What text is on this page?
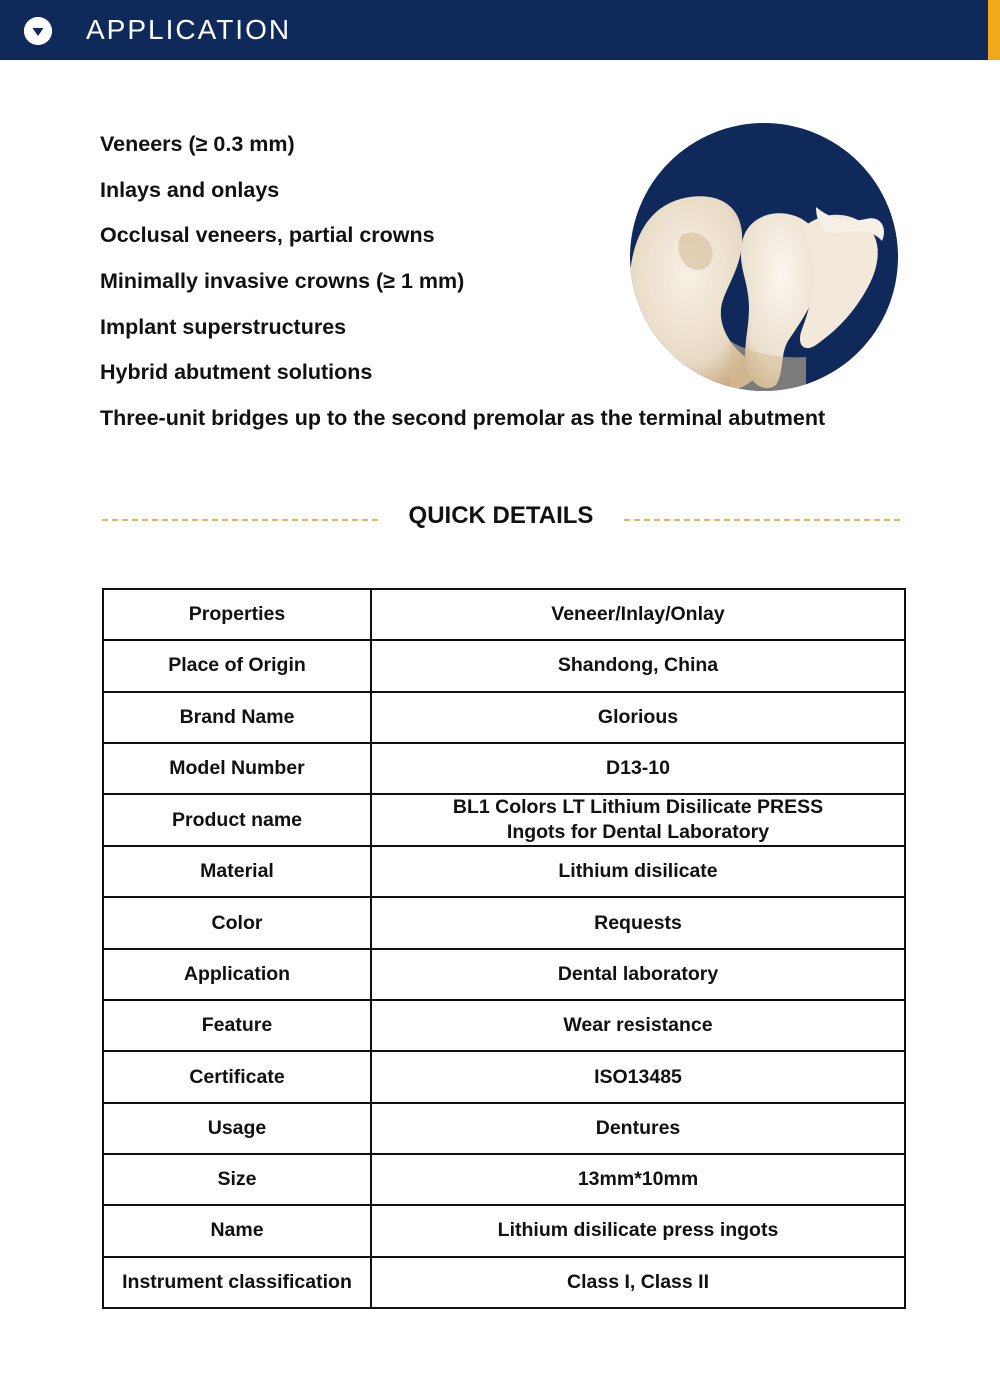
APPLICATION
Veneers (≥ 0.3 mm)
Inlays and onlays
Occlusal veneers, partial crowns
Minimally invasive crowns (≥ 1 mm)
Implant superstructures
Hybrid abutment solutions
Three-unit bridges up to the second premolar as the terminal abutment
QUICK DETAILS
Properties	Veneer/Inlay/Onlay

Place of Origin	Shandong, China

Brand Name	Glorious

Model Number	D13-10

Product name	BL1 Colors LT Lithium Disilicate PRESS
Ingots for Dental Laboratory

Material	Lithium disilicate

Color	Requests

Application	Dental laboratory

Feature	Wear resistance

Certificate	ISO13485

Usage	Dentures

Size	13mm*10mm

Name	Lithium disilicate press ingots

Instrument classification	Class I, Class II
